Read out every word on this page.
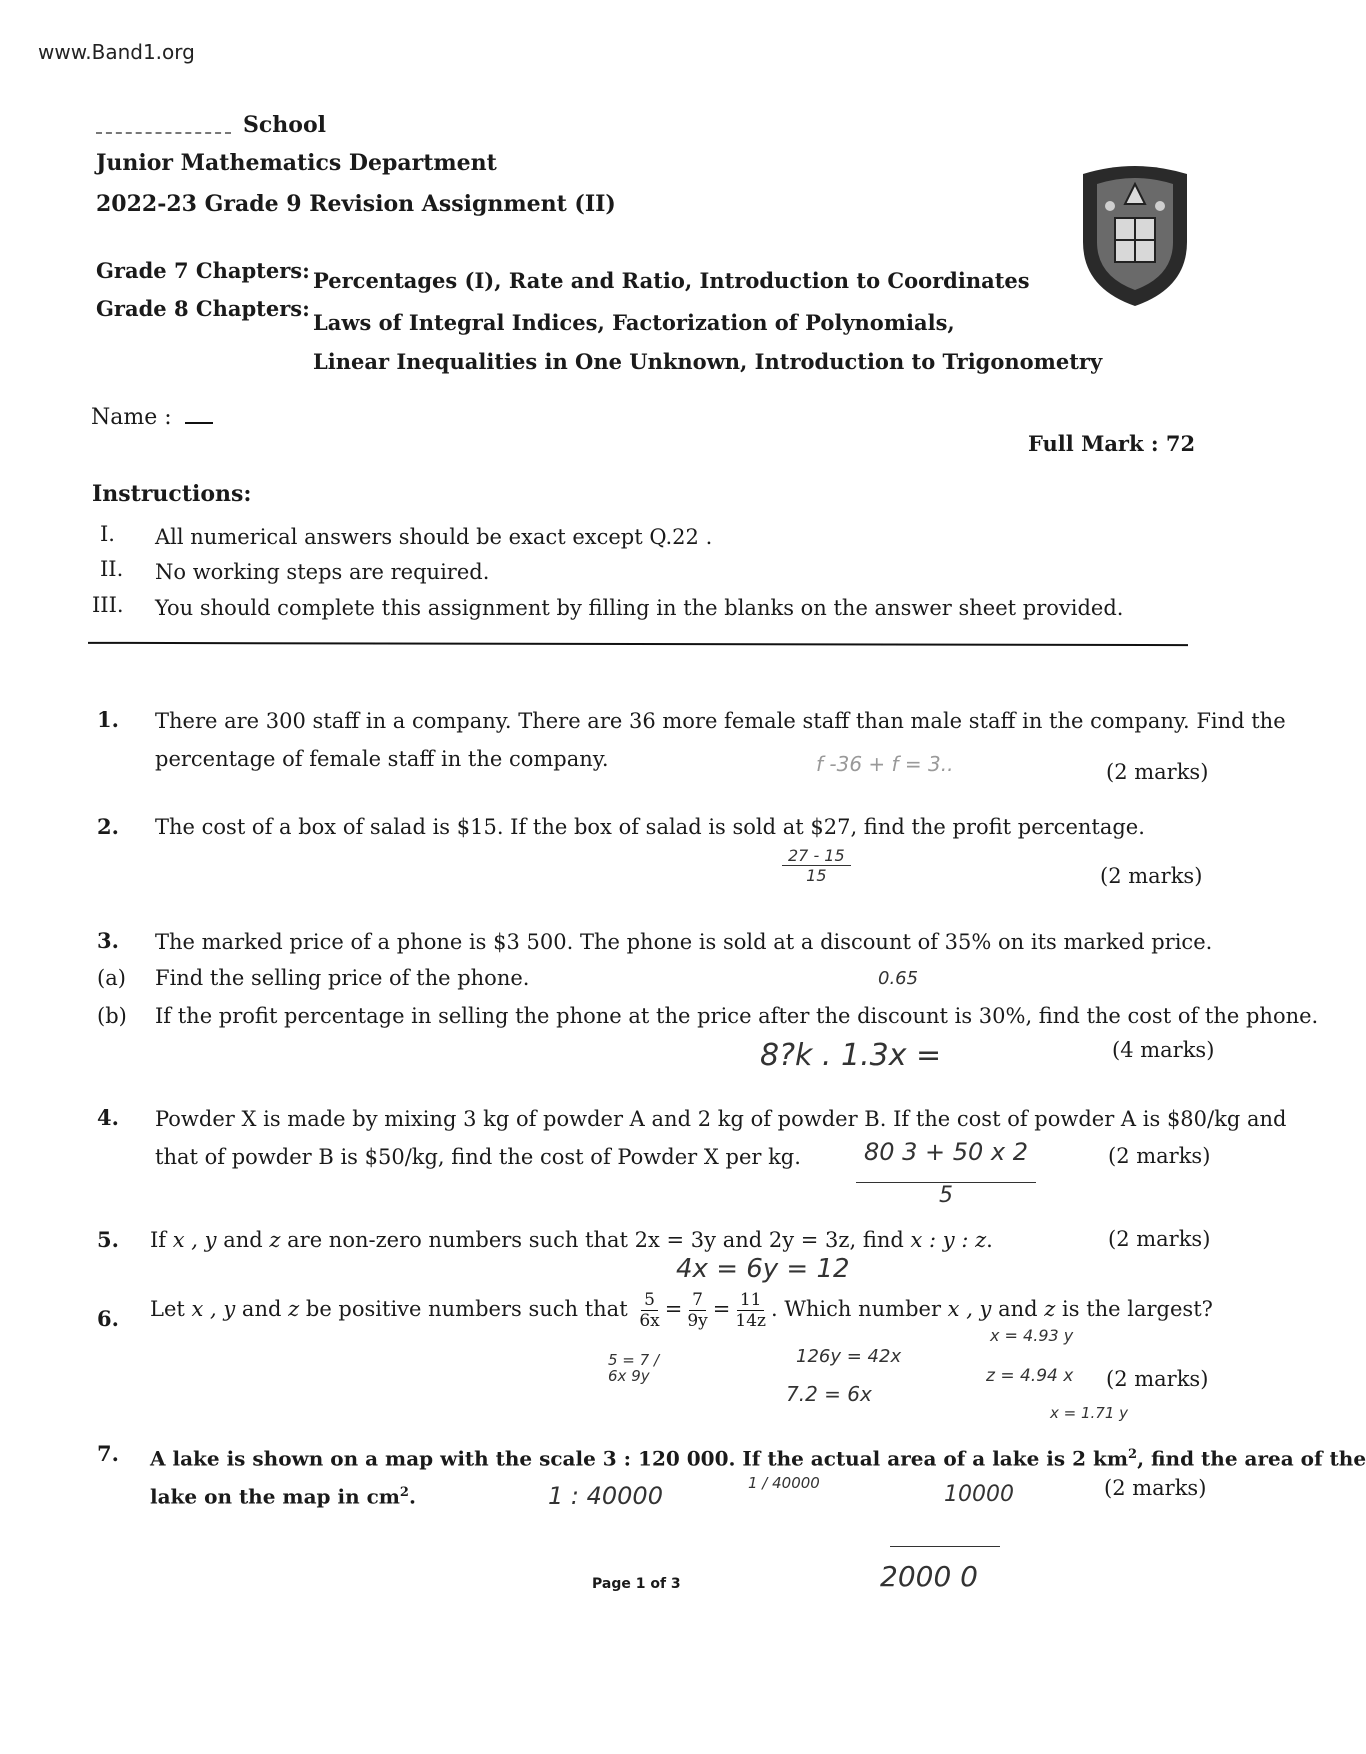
www.Band1.org
School
Junior Mathematics Department
2022-23 Grade 9 Revision Assignment (II)
Grade 7 Chapters: Percentages (I), Rate and Ratio, Introduction to Coordinates
Grade 8 Chapters:
Laws of Integral Indices, Factorization of Polynomials,
Linear Inequalities in One Unknown, Introduction to Trigonometry
Name :
Full Mark : 72
Instructions:
I.	All numerical answers should be exact except Q.22 .
II.	No working steps are required.
III.	You should complete this assignment by filling in the blanks on the answer sheet provided.
1. There are 300 staff in a company. There are 36 more female staff than male staff in the company. Find the
percentage of female staff in the company.	f -36 + f = 3..	(2 marks)
2. The cost of a box of salad is $15. If the box of salad is sold at $27, find the profit percentage.
$\frac{27 - 15}{15}$	(2 marks)
3. The marked price of a phone is $3 500. The phone is sold at a discount of 35% on its marked price.
(a) Find the selling price of the phone.	0.65
(b) If the profit percentage in selling the phone at the price after the discount is 30%, find the cost of the phone.
8?k . 1.3x =	(4 marks)
4. Powder X is made by mixing 3 kg of powder A and 2 kg of powder B. If the cost of powder A is $80/kg and
that of powder B is $50/kg, find the cost of Powder X per kg. $\frac{80 3 + 50 x 2}{5}$	(2 marks)
5. If x , y and z are non-zero numbers such that 2x = 3y and 2y = 3z, find x : y : z.
4x = 6y = 12
(2 marks)
6. Let x , y and z be positive numbers such that $\frac{5}{6x} = \frac{7}{9y} = \frac{11}{14z}$ . Which number x , y and z is the largest?
5 = 7 / 6x 9y
126y = 42x
7.2 = 6x
x = 4.93 y
z = 4.94 x
x = 1.71 y
(2 marks)
7. A lake is shown on a map with the scale 3 : 120 000. If the actual area of a lake is 2 $km^2$, find the area of the
lake on the map in $cm^2$.	1 : 40000	1 / 40000	10000
2000 0
(2 marks)
Page 1 of 3
